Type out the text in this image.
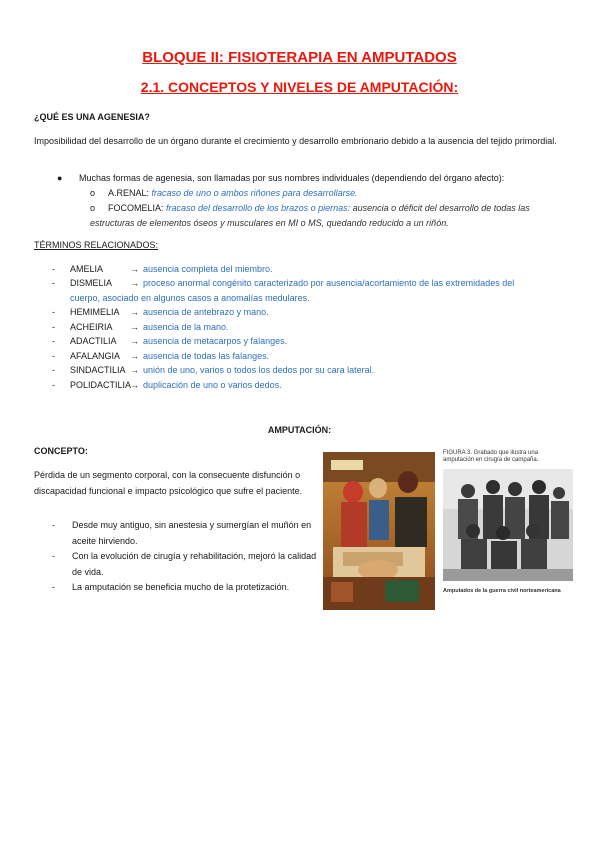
BLOQUE II: FISIOTERAPIA EN AMPUTADOS
2.1. CONCEPTOS Y NIVELES DE AMPUTACIÓN:
¿QUÉ ES UNA AGENESIA?
Imposibilidad del desarrollo de un órgano durante el crecimiento y desarrollo embrionario debido a la ausencia del tejido primordial.
● Muchas formas de agenesia, son llamadas por sus nombres individuales (dependiendo del órgano afecto):
o A.RENAL: fracaso de uno o ambos riñones para desarrollarse.
o FOCOMELIA: fracaso del desarrollo de los brazos o piernas: ausencia o déficit del desarrollo de todas las estructuras de elementos óseos y musculares en MI o MS, quedando reducido a un riñón.
TÉRMINOS RELACIONADOS:
- AMELIA	→ ausencia completa del miembro.
- DISMELIA → proceso anormal congénito caracterizado por ausencia/acortamiento de las extremidades del
cuerpo, asociado en algunos casos a anomalías medulares.
- HEMIMELIA → ausencia de antebrazo y mano.
- ACHEIRIA → ausencia de la mano.
- ADACTILIA → ausencia de metacarpos y falanges.
- AFALANGIA → ausencia de todas las falanges.
- SINDACTILIA → unión de uno, varios o todos los dedos por su cara lateral.
- POLIDACTILIA→ duplicación de uno o varios dedos.
AMPUTACIÓN:
CONCEPTO:
Pérdida de un segmento corporal, con la consecuente disfunción o discapacidad funcional e impacto psicológico que sufre el paciente.
- Desde muy antiguo, sin anestesia y sumergían el muñón en aceite hirviendo.
- Con la evolución de cirugía y rehabilitación, mejoró la calidad de vida.
- La amputación se beneficia mucho de la protetización.
FIGURA 3. Grabado que ilustra una amputación en cirugía de campaña.
Amputados de la guerra civil norteamericana
